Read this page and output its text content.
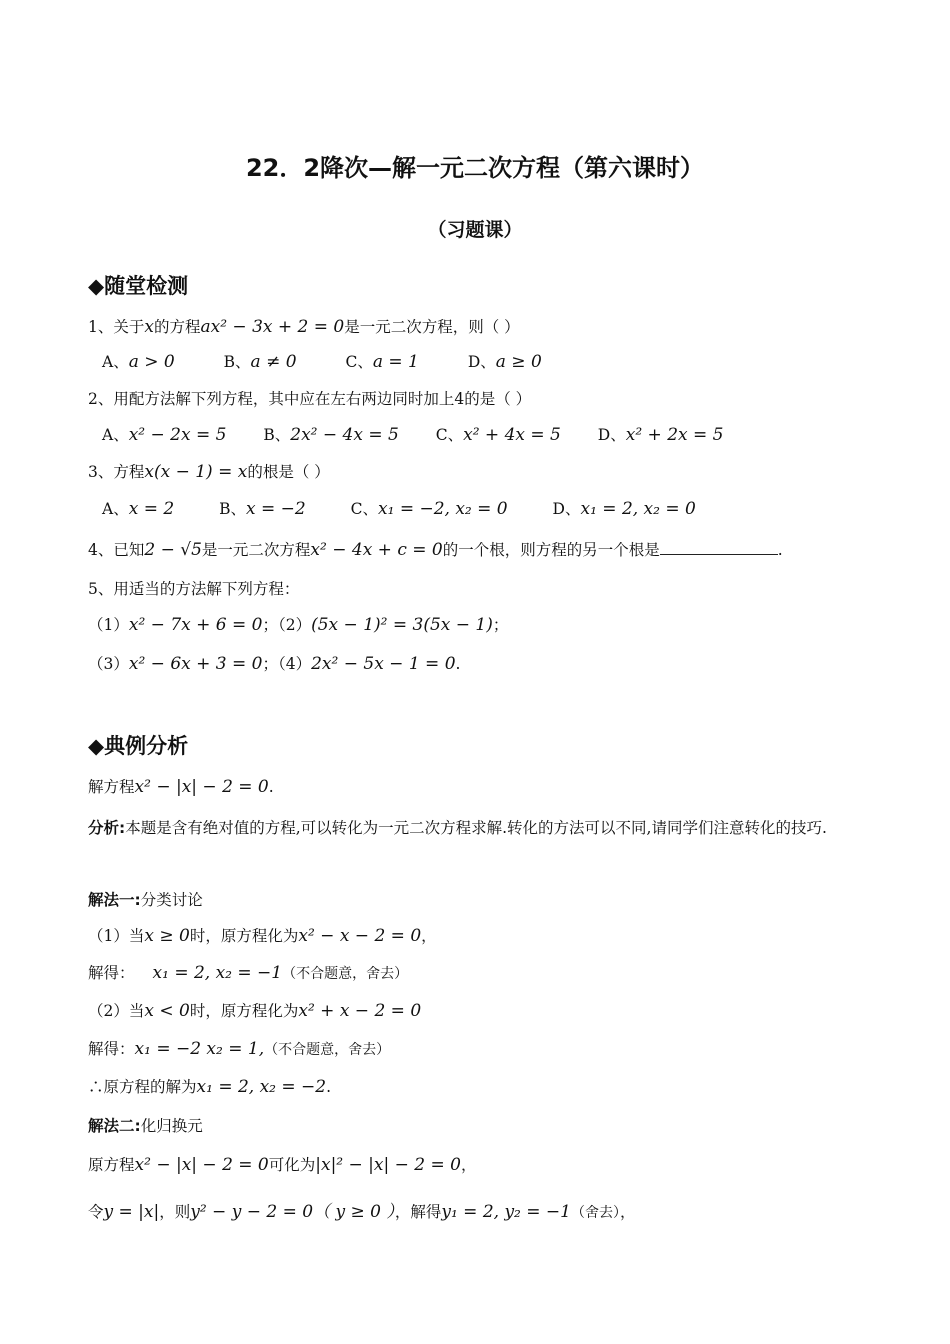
22．2降次—解一元二次方程（第六课时）
（习题课）
◆随堂检测
1、关于x的方程ax² − 3x + 2 = 0是一元二次方程，则（ ）
A、a > 0	B、a ≠ 0	C、a = 1	D、a ≥ 0
2、用配方法解下列方程，其中应在左右两边同时加上4的是（ ）
A、x² − 2x = 5 B、2x² − 4x = 5 C、x² + 4x = 5 D、x² + 2x = 5
3、方程x(x − 1) = x的根是（ ）
A、x = 2	B、x = −2	C、x₁ = −2, x₂ = 0	D、x₁ = 2, x₂ = 0
4、已知2 − √5是一元二次方程x² − 4x + c = 0的一个根，则方程的另一个根是	.
5、用适当的方法解下列方程：
（1）x² − 7x + 6 = 0；（2）(5x − 1)² = 3(5x − 1)；
（3）x² − 6x + 3 = 0；（4）2x² − 5x − 1 = 0.
◆典例分析
解方程x² − |x| − 2 = 0.
分析:本题是含有绝对值的方程,可以转化为一元二次方程求解.转化的方法可以不同,请同学们注意转化的技巧.
解法一:分类讨论
（1）当x ≥ 0时，原方程化为x² − x − 2 = 0，
解得： x₁ = 2, x₂ = −1（不合题意，舍去）
（2）当x < 0时，原方程化为x² + x − 2 = 0
解得：x₁ = −2 x₂ = 1,（不合题意，舍去）
∴原方程的解为x₁ = 2, x₂ = −2.
解法二:化归换元
原方程x² − |x| − 2 = 0可化为|x|² − |x| − 2 = 0，
令y = |x|，则y² − y − 2 = 0（ y ≥ 0 ），解得y₁ = 2, y₂ = −1（舍去），
